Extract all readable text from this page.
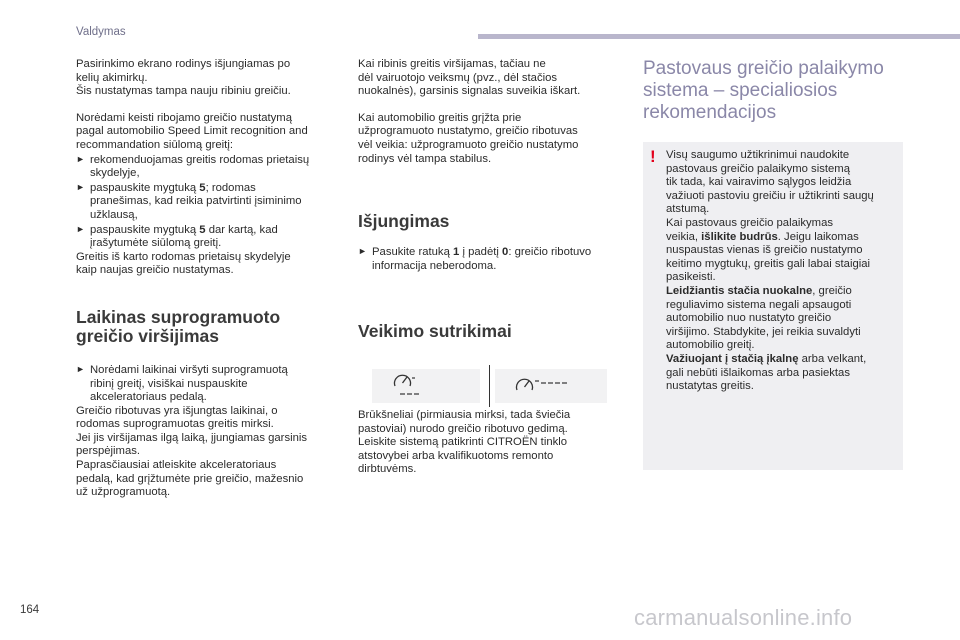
Valdymas

Pasirinkimo ekrano rodinys išjungiamas po
kelių akimirkų.
Šis nustatymas tampa nauju ribiniu greičiu.

Norėdami keisti ribojamo greičio nustatymą
pagal automobilio Speed Limit recognition and
recommandation siūlomą greitį:

► rekomenduojamas greitis rodomas prietaisų
skydelyje,

► paspauskite mygtuką 5; rodomas
pranešimas, kad reikia patvirtinti įsiminimo
užklausą,

► paspauskite mygtuką 5 dar kartą, kad
įrašytumėte siūlomą greitį.

Greitis iš karto rodomas prietaisų skydelyje
kaip naujas greičio nustatymas.

Laikinas suprogramuoto
greičio viršijimas

► Norėdami laikinai viršyti suprogramuotą
ribinį greitį, visiškai nuspauskite
akceleratoriaus pedalą.

Greičio ribotuvas yra išjungtas laikinai, o
rodomas suprogramuotas greitis mirksi.
Jei jis viršijamas ilgą laiką, įjungiamas garsinis
perspėjimas.
Paprasčiausiai atleiskite akceleratoriaus
pedalą, kad grįžtumėte prie greičio, mažesnio
už užprogramuotą.

Kai ribinis greitis viršijamas, tačiau ne
dėl vairuotojo veiksmų (pvz., dėl stačios
nuokalnės), garsinis signalas suveikia iškart.

Kai automobilio greitis grįžta prie
užprogramuoto nustatymo, greičio ribotuvas
vėl veikia: užprogramuoto greičio nustatymo
rodinys vėl tampa stabilus.

Išjungimas

► Pasukite ratuką 1 į padėtį 0: greičio ribotuvo
informacija neberodoma.

Veikimo sutrikimai

Brūkšneliai (pirmiausia mirksi, tada šviečia
pastoviai) nurodo greičio ribotuvo gedimą.
Leiskite sistemą patikrinti CITROËN tinklo
atstovybei arba kvalifikuotoms remonto
dirbtuvėms.

Pastovaus greičio palaikymo
sistema – specialiosios
rekomendacijos
! Visų saugumo užtikrinimui naudokite
pastovaus greičio palaikymo sistemą
tik tada, kai vairavimo sąlygos leidžia
važiuoti pastoviu greičiu ir užtikrinti saugų
atstumą.
Kai pastovaus greičio palaikymas
veikia, išlikite budrūs. Jeigu laikomas
nuspaustas vienas iš greičio nustatymo
keitimo mygtukų, greitis gali labai staigiai
pasikeisti.
Leidžiantis stačia nuokalne, greičio
reguliavimo sistema negali apsaugoti
automobilio nuo nustatyto greičio
viršijimo. Stabdykite, jei reikia suvaldyti
automobilio greitį.
Važiuojant į stačią įkalnę arba velkant,
gali nebūti išlaikomas arba pasiektas
nustatytas greitis.
164	carmanualsonline.info
